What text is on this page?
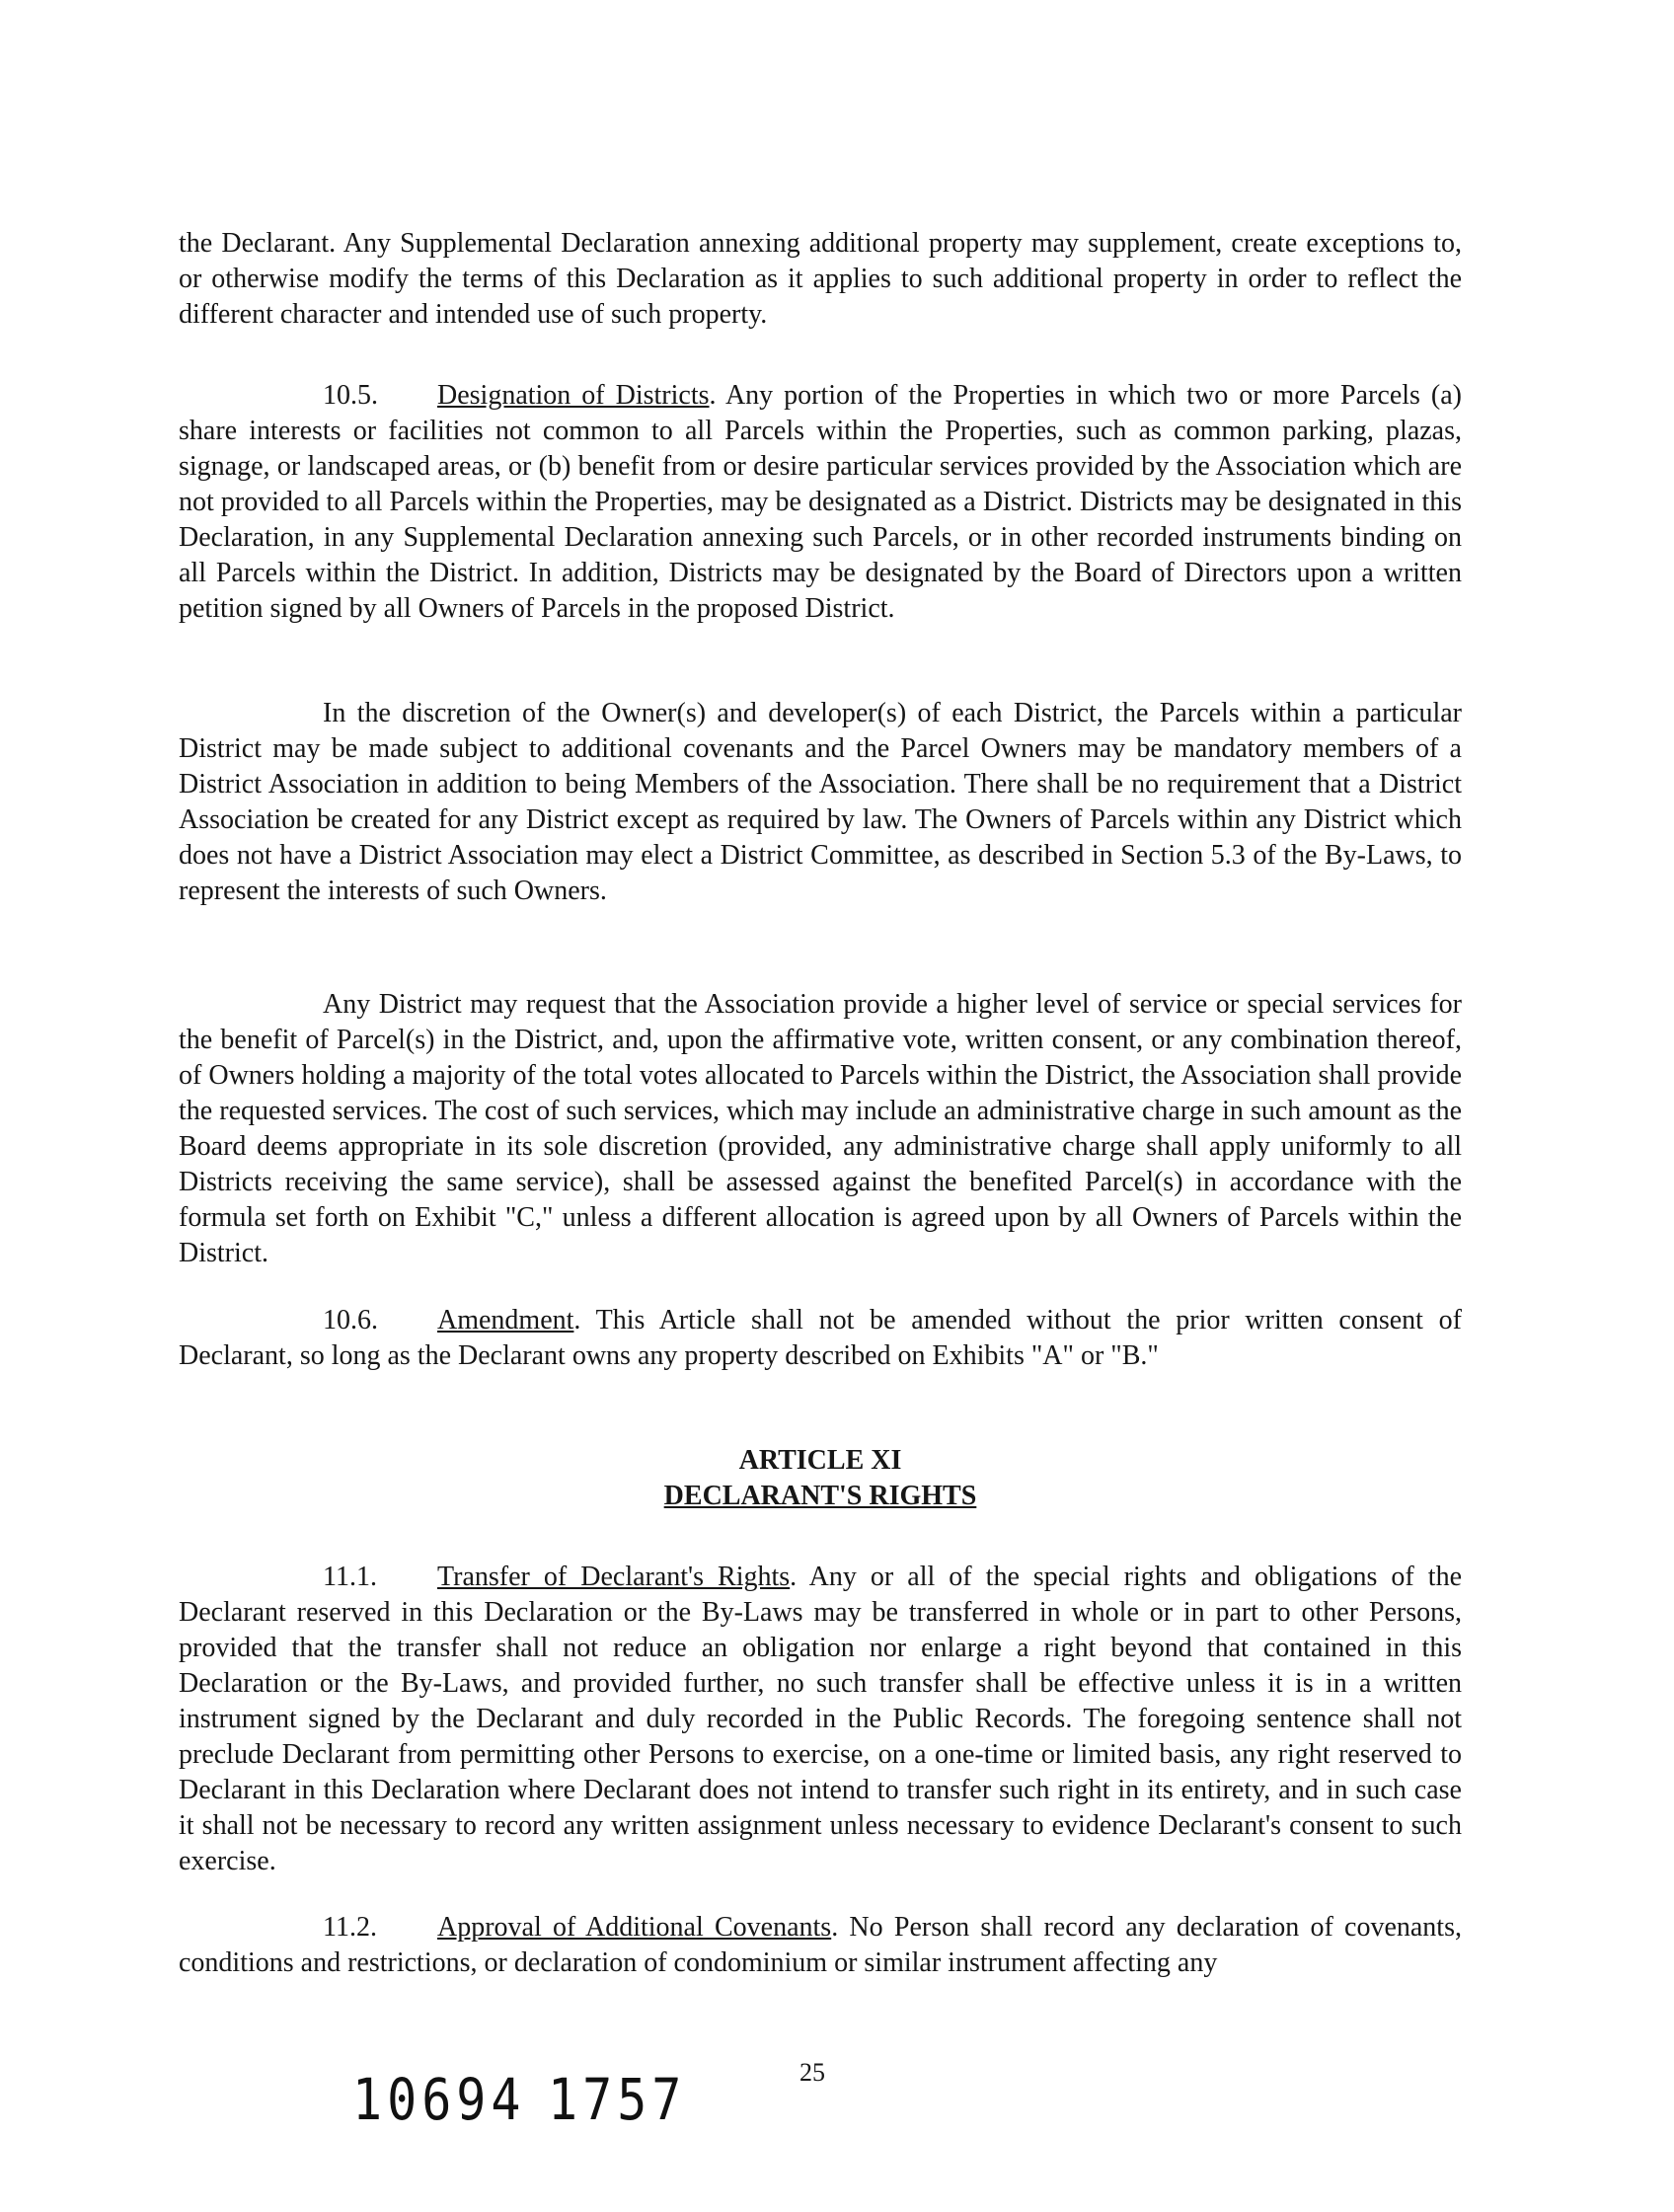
the Declarant. Any Supplemental Declaration annexing additional property may supplement, create exceptions to, or otherwise modify the terms of this Declaration as it applies to such additional property in order to reflect the different character and intended use of such property.

10.5. Designation of Districts. Any portion of the Properties in which two or more Parcels (a) share interests or facilities not common to all Parcels within the Properties, such as common parking, plazas, signage, or landscaped areas, or (b) benefit from or desire particular services provided by the Association which are not provided to all Parcels within the Properties, may be designated as a District. Districts may be designated in this Declaration, in any Supplemental Declaration annexing such Parcels, or in other recorded instruments binding on all Parcels within the District. In addition, Districts may be designated by the Board of Directors upon a written petition signed by all Owners of Parcels in the proposed District.

In the discretion of the Owner(s) and developer(s) of each District, the Parcels within a particular District may be made subject to additional covenants and the Parcel Owners may be mandatory members of a District Association in addition to being Members of the Association. There shall be no requirement that a District Association be created for any District except as required by law. The Owners of Parcels within any District which does not have a District Association may elect a District Committee, as described in Section 5.3 of the By-Laws, to represent the interests of such Owners.

Any District may request that the Association provide a higher level of service or special services for the benefit of Parcel(s) in the District, and, upon the affirmative vote, written consent, or any combination thereof, of Owners holding a majority of the total votes allocated to Parcels within the District, the Association shall provide the requested services. The cost of such services, which may include an administrative charge in such amount as the Board deems appropriate in its sole discretion (provided, any administrative charge shall apply uniformly to all Districts receiving the same service), shall be assessed against the benefited Parcel(s) in accordance with the formula set forth on Exhibit "C," unless a different allocation is agreed upon by all Owners of Parcels within the District.

10.6. Amendment. This Article shall not be amended without the prior written consent of Declarant, so long as the Declarant owns any property described on Exhibits "A" or "B."

ARTICLE XI

DECLARANT'S RIGHTS

11.1. Transfer of Declarant's Rights. Any or all of the special rights and obligations of the Declarant reserved in this Declaration or the By-Laws may be transferred in whole or in part to other Persons, provided that the transfer shall not reduce an obligation nor enlarge a right beyond that contained in this Declaration or the By-Laws, and provided further, no such transfer shall be effective unless it is in a written instrument signed by the Declarant and duly recorded in the Public Records. The foregoing sentence shall not preclude Declarant from permitting other Persons to exercise, on a one-time or limited basis, any right reserved to Declarant in this Declaration where Declarant does not intend to transfer such right in its entirety, and in such case it shall not be necessary to record any written assignment unless necessary to evidence Declarant's consent to such exercise.

11.2. Approval of Additional Covenants. No Person shall record any declaration of covenants, conditions and restrictions, or declaration of condominium or similar instrument affecting any

10694 1757	25
